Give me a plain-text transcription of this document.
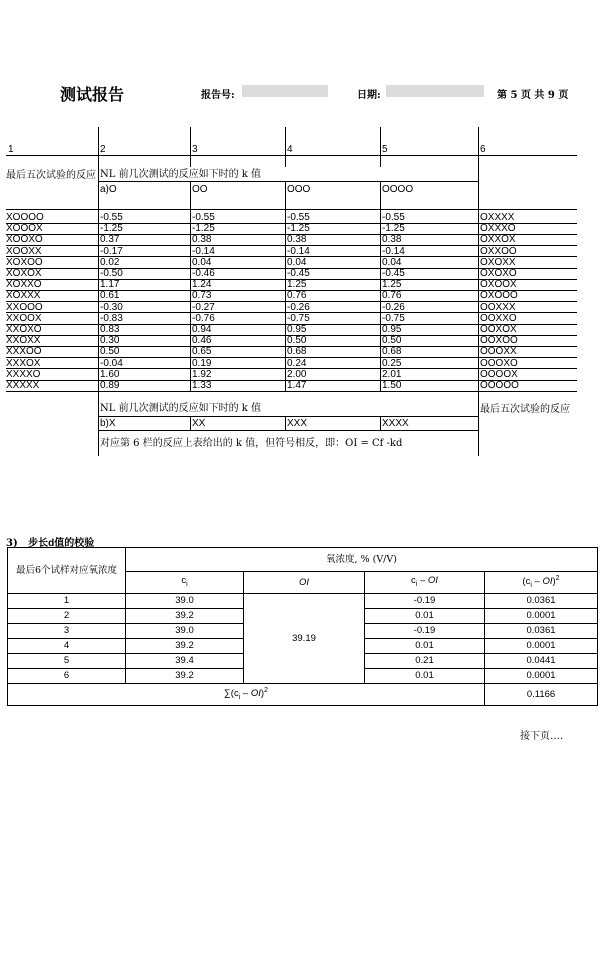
测试报告	报告号:	日期:	第 5 页 共 9 页
1	2	3	4	5	6
最后五次试验的反应 NL 前几次测试的反应如下时的 k 值
a)O	OO	OOO	OOOO
XOOOO	-0.55	-0.55	-0.55	-0.55	OXXXX
XOOOX	-1.25	-1.25	-1.25	-1.25	OXXXO
XOOXO	0.37	0.38	0.38	0.38	OXXOX
XOOXX	-0.17	-0.14	-0.14	-0.14	OXXOO
XOXOO	0.02	0.04	0.04	0.04	OXOXX
XOXOX	-0.50	-0.46	-0.45	-0.45	OXOXO
XOXXO	1.17	1.24	1.25	1.25	OXOOX
XOXXX	0.61	0.73	0.76	0.76	OXOOO
XXOOO	-0.30	-0.27	-0.26	-0.26	OOXXX
XXOOX	-0.83	-0.76	-0.75	-0.75	OOXXO
XXOXO	0.83	0.94	0.95	0.95	OOXOX
XXOXX	0.30	0.46	0.50	0.50	OOXOO
XXXOO	0.50	0.65	0.68	0.68	OOOXX
XXXOX	-0.04	0.19	0.24	0.25	OOOXO
XXXXO	1.60	1.92	2.00	2.01	OOOOX
XXXXX	0.89	1.33	1.47	1.50	OOOOO
NL 前几次测试的反应如下时的 k 值	最后五次试验的反应
b)X	XX	XXX	XXXX
对应第 6 栏的反应上表给出的 k 值，但符号相反，即：OI = Cf -kd
3)   步长d值的校验
最后6个试样对应氧浓度	氧浓度, % (V/V)			
	$c_i$	OI	$c_i$ – OI	$(c_i - OI)^2$
1	39.0	39.19	-0.19	0.0361
2	39.2		0.01	0.0001
3	39.0		-0.19	0.0361
4	39.2		0.01	0.0001
5	39.4		0.21	0.0441
6	39.2		0.01	0.0001
$\sum(c_i - OI)^2$				0.1166
接下页….
